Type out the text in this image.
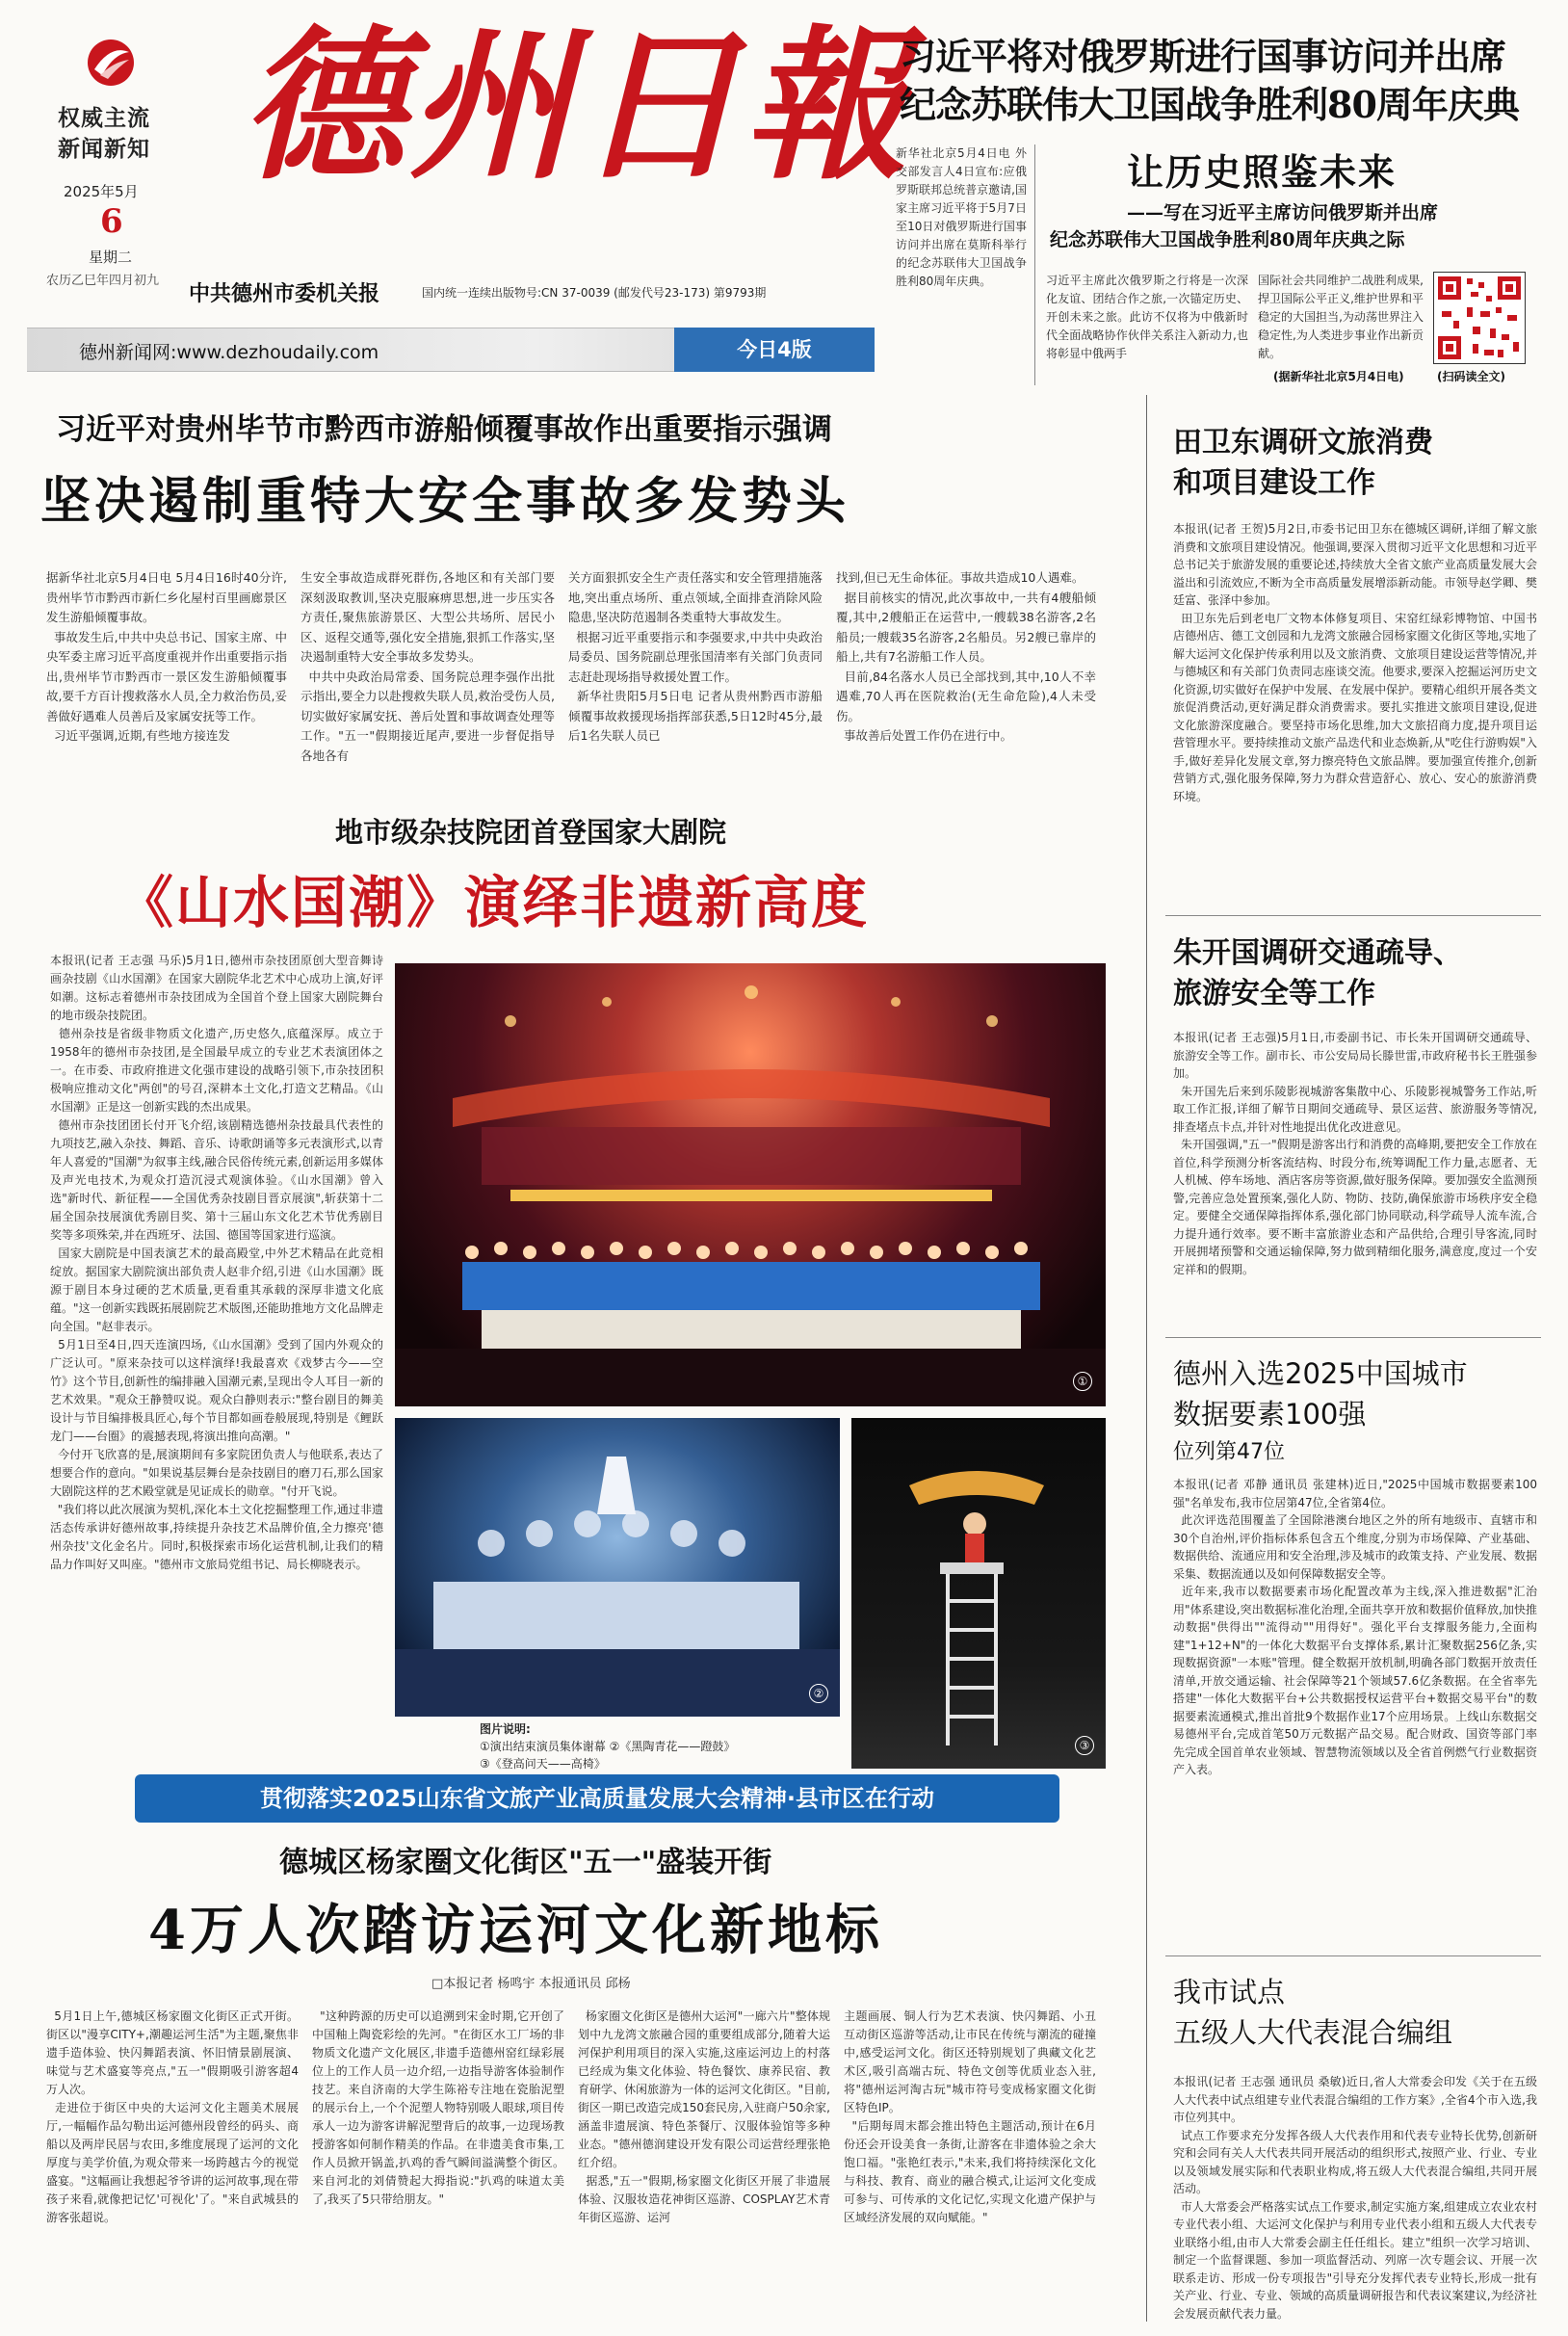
权威主流
新闻新知
2025年5月
6
星期二
农历乙巳年四月初九
德州日報
中共德州市委机关报	国内统一连续出版物号:CN 37-0039 (邮发代号23-173) 第9793期
德州新闻网:www.dezhoudaily.com	今日4版
习近平将对俄罗斯进行国事访问并出席
纪念苏联伟大卫国战争胜利80周年庆典
新华社北京5月4日电 外交部发言人4日宣布:应俄罗斯联邦总统普京邀请,国家主席习近平将于5月7日至10日对俄罗斯进行国事访问并出席在莫斯科举行的纪念苏联伟大卫国战争胜利80周年庆典。
让历史照鉴未来
——写在习近平主席访问俄罗斯并出席
纪念苏联伟大卫国战争胜利80周年庆典之际
习近平主席此次俄罗斯之行将是一次深化友谊、团结合作之旅,一次锚定历史、开创未来之旅。此访不仅将为中俄新时代全面战略协作伙伴关系注入新动力,也将彰显中俄两手
国际社会共同维护二战胜利成果,捍卫国际公平正义,维护世界和平稳定的大国担当,为动荡世界注入稳定性,为人类进步事业作出新贡献。
(据新华社北京5月4日电)	(扫码读全文)
习近平对贵州毕节市黔西市游船倾覆事故作出重要指示强调
坚决遏制重特大安全事故多发势头
据新华社北京5月4日电 5月4日16时40分许,贵州毕节市黔西市新仁乡化屋村百里画廊景区发生游船倾覆事故。
事故发生后,中共中央总书记、国家主席、中央军委主席习近平高度重视并作出重要指示指出,贵州毕节市黔西市一景区发生游船倾覆事故,要千方百计搜救落水人员,全力救治伤员,妥善做好遇难人员善后及家属安抚等工作。
习近平强调,近期,有些地方接连发
生安全事故造成群死群伤,各地区和有关部门要深刻汲取教训,坚决克服麻痹思想,进一步压实各方责任,聚焦旅游景区、大型公共场所、居民小区、返程交通等,强化安全措施,狠抓工作落实,坚决遏制重特大安全事故多发势头。
中共中央政治局常委、国务院总理李强作出批示指出,要全力以赴搜救失联人员,救治受伤人员,切实做好家属安抚、善后处置和事故调查处理等工作。"五一"假期接近尾声,要进一步督促指导各地各有
关方面狠抓安全生产责任落实和安全管理措施落地,突出重点场所、重点领域,全面排查消除风险隐患,坚决防范遏制各类重特大事故发生。
根据习近平重要指示和李强要求,中共中央政治局委员、国务院副总理张国清率有关部门负责同志赶赴现场指导救援处置工作。
新华社贵阳5月5日电 记者从贵州黔西市游船倾覆事故救援现场指挥部获悉,5日12时45分,最后1名失联人员已
找到,但已无生命体征。事故共造成10人遇难。
据目前核实的情况,此次事故中,一共有4艘船倾覆,其中,2艘船正在运营中,一艘载38名游客,2名船员;一艘载35名游客,2名船员。另2艘已靠岸的船上,共有7名游船工作人员。
目前,84名落水人员已全部找到,其中,10人不幸遇难,70人再在医院救治(无生命危险),4人未受伤。
事故善后处置工作仍在进行中。
地市级杂技院团首登国家大剧院
《山水国潮》演绎非遗新高度
本报讯(记者 王志强 马乐)5月1日,德州市杂技团原创大型音舞诗画杂技剧《山水国潮》在国家大剧院华北艺术中心成功上演,好评如潮。这标志着德州市杂技团成为全国首个登上国家大剧院舞台的地市级杂技院团。
德州杂技是省级非物质文化遗产,历史悠久,底蕴深厚。成立于1958年的德州市杂技团,是全国最早成立的专业艺术表演团体之一。在市委、市政府推进文化强市建设的战略引领下,市杂技团积极响应推动文化"两创"的号召,深耕本土文化,打造文艺精品。《山水国潮》正是这一创新实践的杰出成果。
德州市杂技团团长付开飞介绍,该剧精选德州杂技最具代表性的九项技艺,融入杂技、舞蹈、音乐、诗歌朗诵等多元表演形式,以青年人喜爱的"国潮"为叙事主线,融合民俗传统元素,创新运用多媒体及声光电技术,为观众打造沉浸式观演体验。《山水国潮》曾入选"新时代、新征程——全国优秀杂技剧目晋京展演",斩获第十二届全国杂技展演优秀剧目奖、第十三届山东文化艺术节优秀剧目奖等多项殊荣,并在西班牙、法国、德国等国家进行巡演。
国家大剧院是中国表演艺术的最高殿堂,中外艺术精品在此竞相绽放。据国家大剧院演出部负责人赵非介绍,引进《山水国潮》既源于剧目本身过硬的艺术质量,更看重其承载的深厚非遗文化底蕴。"这一创新实践既拓展剧院艺术版图,还能助推地方文化品牌走向全国。"赵非表示。
5月1日至4日,四天连演四场,《山水国潮》受到了国内外观众的广泛认可。"原来杂技可以这样演绎!我最喜欢《戏梦古今——空竹》这个节目,创新性的编排融入国潮元素,呈现出令人耳目一新的艺术效果。"观众王静赞叹说。观众白静则表示:"整台剧目的舞美设计与节目编排极具匠心,每个节目都如画卷般展现,特别是《鲤跃龙门——台圈》的震撼表现,将演出推向高潮。"
今付开飞欣喜的是,展演期间有多家院团负责人与他联系,表达了想要合作的意向。"如果说基层舞台是杂技剧目的磨刀石,那么国家大剧院这样的艺术殿堂就是见证成长的勋章。"付开飞说。
"我们将以此次展演为契机,深化本土文化挖掘整理工作,通过非遗活态传承讲好德州故事,持续提升杂技艺术品牌价值,全力擦亮'德州杂技'文化金名片。同时,积极探索市场化运营机制,让我们的精品力作叫好又叫座。"德州市文旅局党组书记、局长柳晓表示。
①
②
③
图片说明:
①演出结束演员集体谢幕 ②《黑陶青花——蹬鼓》
③《登高问天——高椅》
贯彻落实2025山东省文旅产业高质量发展大会精神·县市区在行动
德城区杨家圈文化街区"五一"盛装开街
4万人次踏访运河文化新地标
□本报记者 杨鸣宇 本报通讯员 邱杨
5月1日上午,德城区杨家圈文化街区正式开街。街区以"漫享CITY+,潮趣运河生活"为主题,聚焦非遗手造体验、快闪舞蹈表演、怀旧情景剧展演、味觉与艺术盛宴等亮点,"五一"假期吸引游客超4万人次。
走进位于街区中央的大运河文化主题美术展展厅,一幅幅作品勾勒出运河德州段曾经的码头、商船以及两岸民居与农田,多维度展现了运河的文化厚度与美学价值,为观众带来一场跨越古今的视觉盛宴。"这幅画让我想起爷爷讲的运河故事,现在带孩子来看,就像把记忆'可视化'了。"来自武城县的游客张超说。
"这种跨源的历史可以追溯到宋金时期,它开创了中国釉上陶瓷彩绘的先河。"在街区水工厂场的非物质文化遗产文化展区,非遗手造德州窑红绿彩展位上的工作人员一边介绍,一边指导游客体验制作技艺。来自济南的大学生陈裕专注地在瓷胎泥塑的展示台上,一个个泥塑人物特别吸人眼球,项目传承人一边为游客讲解泥塑背后的故事,一边现场教授游客如何制作精美的作品。在非遗美食市集,工作人员掀开锅盖,扒鸡的香气瞬间溢满整个街区。来自河北的刘倩赞起大拇指说:"扒鸡的味道太美了,我买了5只带给朋友。"
杨家圈文化街区是德州大运河"一廊六片"整体规划中九龙湾文旅融合园的重要组成部分,随着大运河保护利用项目的深入实施,这座运河边上的村落已经成为集文化体验、特色餐饮、康养民宿、教育研学、休闲旅游为一体的运河文化街区。"目前,街区一期已改造完成150套民房,入驻商户50余家,涵盖非遗展演、特色茶餐厅、汉服体验馆等多种业态。"德州德润建设开发有限公司运营经理张艳红介绍。
据悉,"五一"假期,杨家圈文化街区开展了非遗展体验、汉服妆造花神街区巡游、COSPLAY艺术青年街区巡游、运河
主题画展、铜人行为艺术表演、快闪舞蹈、小丑互动街区巡游等活动,让市民在传统与潮流的碰撞中,感受运河文化。街区还特别规划了典藏文化艺术区,吸引高端古玩、特色文创等优质业态入驻,将"德州运河淘古玩"城市符号变成杨家圈文化街区特色IP。
"后期每周末都会推出特色主题活动,预计在6月份还会开设美食一条街,让游客在非遗体验之余大饱口福。"张艳红表示,"未来,我们将持续深化文化与科技、教育、商业的融合模式,让运河文化变成可参与、可传承的文化记忆,实现文化遗产保护与区域经济发展的双向赋能。"
田卫东调研文旅消费
和项目建设工作
本报讯(记者 王贺)5月2日,市委书记田卫东在德城区调研,详细了解文旅消费和文旅项目建设情况。他强调,要深入贯彻习近平文化思想和习近平总书记关于旅游发展的重要论述,持续放大全省文旅产业高质量发展大会溢出和引流效应,不断为全市高质量发展增添新动能。市领导赵学卿、樊廷富、张泽中参加。
田卫东先后到老电厂文物本体修复项目、宋窑红绿彩博物馆、中国书店德州店、德工文创园和九龙湾文旅融合园杨家圈文化街区等地,实地了解大运河文化保护传承利用以及文旅消费、文旅项目建设运营等情况,并与德城区和有关部门负责同志座谈交流。他要求,要深入挖掘运河历史文化资源,切实做好在保护中发展、在发展中保护。要精心组织开展各类文旅促消费活动,更好满足群众消费需求。要扎实推进文旅项目建设,促进文化旅游深度融合。要坚持市场化思维,加大文旅招商力度,提升项目运营管理水平。要持续推动文旅产品迭代和业态焕新,从"吃住行游购娱"入手,做好差异化发展文章,努力擦亮特色文旅品牌。要加强宣传推介,创新营销方式,强化服务保障,努力为群众营造舒心、放心、安心的旅游消费环境。
朱开国调研交通疏导、
旅游安全等工作
本报讯(记者 王志强)5月1日,市委副书记、市长朱开国调研交通疏导、旅游安全等工作。副市长、市公安局局长滕世雷,市政府秘书长王胜强参加。
朱开国先后来到乐陵影视城游客集散中心、乐陵影视城警务工作站,听取工作汇报,详细了解节日期间交通疏导、景区运营、旅游服务等情况,排查堵点卡点,并针对性地提出优化改进意见。
朱开国强调,"五一"假期是游客出行和消费的高峰期,要把安全工作放在首位,科学预测分析客流结构、时段分布,统筹调配工作力量,志愿者、无人机械、停车场地、酒店客房等资源,做好服务保障。要加强安全监测预警,完善应急处置预案,强化人防、物防、技防,确保旅游市场秩序安全稳定。要健全交通保障指挥体系,强化部门协同联动,科学疏导人流车流,合力提升通行效率。要不断丰富旅游业态和产品供给,合理引导客流,同时开展拥堵预警和交通运输保障,努力做到精细化服务,满意度,度过一个安定祥和的假期。
德州入选2025中国城市
数据要素100强
位列第47位
本报讯(记者 邓静 通讯员 张建林)近日,"2025中国城市数据要素100强"名单发布,我市位居第47位,全省第4位。
此次评选范围覆盖了全国除港澳台地区之外的所有地级市、直辖市和30个自治州,评价指标体系包含五个维度,分别为市场保障、产业基础、数据供给、流通应用和安全治理,涉及城市的政策支持、产业发展、数据采集、数据流通以及如何保障数据安全等。
近年来,我市以数据要素市场化配置改革为主线,深入推进数据"汇治用"体系建设,突出数据标准化治理,全面共享开放和数据价值释放,加快推动数据"供得出""流得动""用得好"。强化平台支撑服务能力,全面构建"1+12+N"的一体化大数据平台支撑体系,累计汇聚数据256亿条,实现数据资源"一本账"管理。健全数据开放机制,明确各部门数据开放责任清单,开放交通运输、社会保障等21个领域57.6亿条数据。在全省率先搭建"一体化大数据平台+公共数据授权运营平台+数据交易平台"的数据要素流通模式,推出首批9个数据作业17个应用场景。上线山东数据交易德州平台,完成首笔50万元数据产品交易。配合财政、国资等部门率先完成全国首单农业领域、智慧物流领域以及全省首例燃气行业数据资产入表。
我市试点
五级人大代表混合编组
本报讯(记者 王志强 通讯员 桑敏)近日,省人大常委会印发《关于在五级人大代表中试点组建专业代表混合编组的工作方案》,全省4个市入选,我市位列其中。
试点工作要求充分发挥各级人大代表作用和代表专业特长优势,创新研究和会同有关人大代表共同开展活动的组织形式,按照产业、行业、专业以及领域发展实际和代表职业构成,将五级人大代表混合编组,共同开展活动。
市人大常委会严格落实试点工作要求,制定实施方案,组建成立农业农村专业代表小组、大运河文化保护与利用专业代表小组和五级人大代表专业联络小组,由市人大常委会副主任任组长。建立"组织一次学习培训、制定一个监督课题、参加一项监督活动、列席一次专题会议、开展一次联系走访、形成一份专项报告"引导充分发挥代表专业特长,形成一批有关产业、行业、专业、领域的高质量调研报告和代表议案建议,为经济社会发展贡献代表力量。
